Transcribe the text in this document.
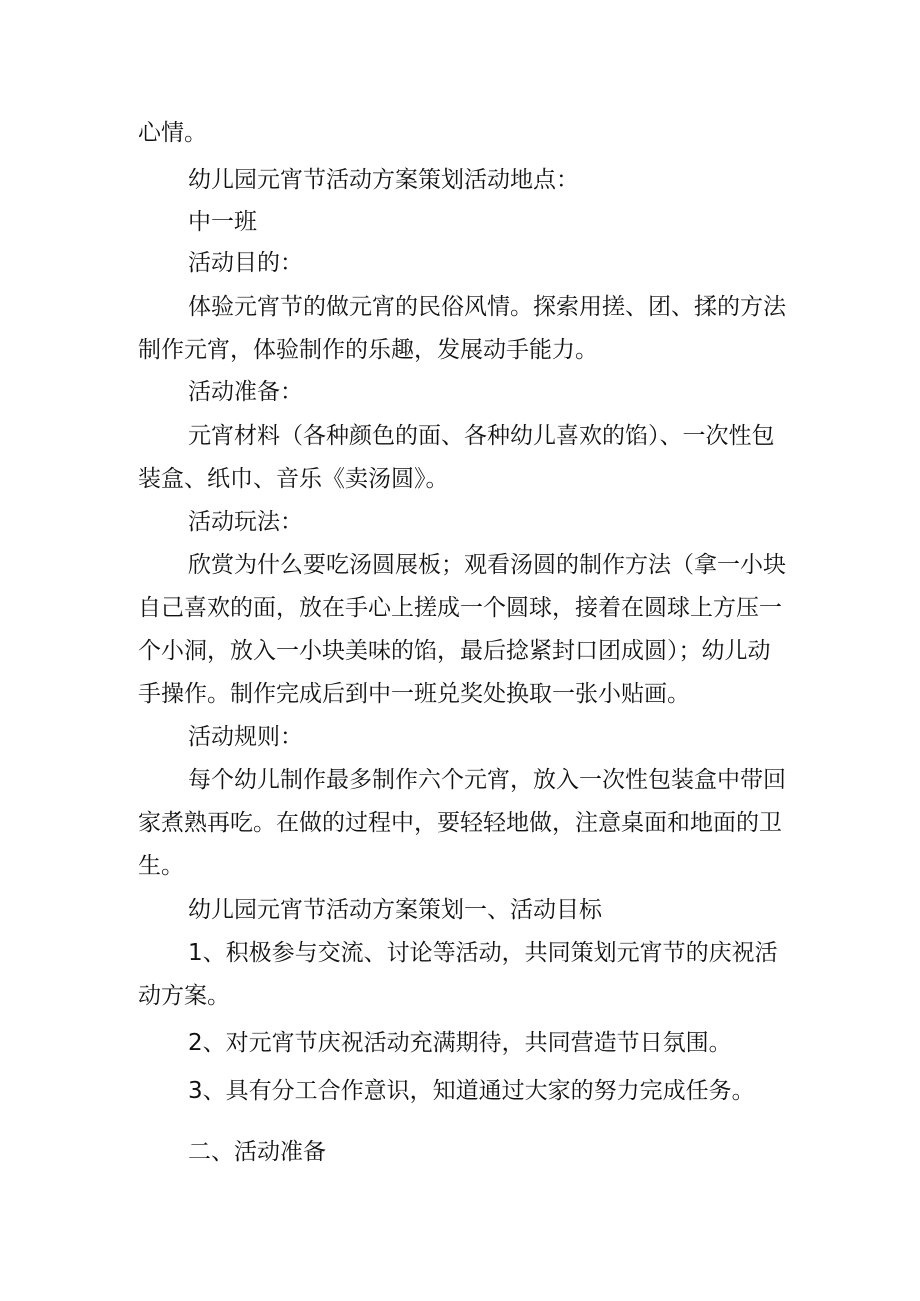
心情。
幼儿园元宵节活动方案策划活动地点：
中一班
活动目的：
体验元宵节的做元宵的民俗风情。探索用搓、团、揉的方法
制作元宵，体验制作的乐趣，发展动手能力。
活动准备：
元宵材料（各种颜色的面、各种幼儿喜欢的馅）、一次性包
装盒、纸巾、音乐《卖汤圆》。
活动玩法：
欣赏为什么要吃汤圆展板；观看汤圆的制作方法（拿一小块
自己喜欢的面，放在手心上搓成一个圆球，接着在圆球上方压一
个小洞，放入一小块美味的馅，最后捻紧封口团成圆）；幼儿动
手操作。制作完成后到中一班兑奖处换取一张小贴画。
活动规则：
每个幼儿制作最多制作六个元宵，放入一次性包装盒中带回
家煮熟再吃。在做的过程中，要轻轻地做，注意桌面和地面的卫
生。
幼儿园元宵节活动方案策划一、活动目标
1、积极参与交流、讨论等活动，共同策划元宵节的庆祝活
动方案。
2、对元宵节庆祝活动充满期待，共同营造节日氛围。
3、具有分工合作意识，知道通过大家的努力完成任务。
二、活动准备
